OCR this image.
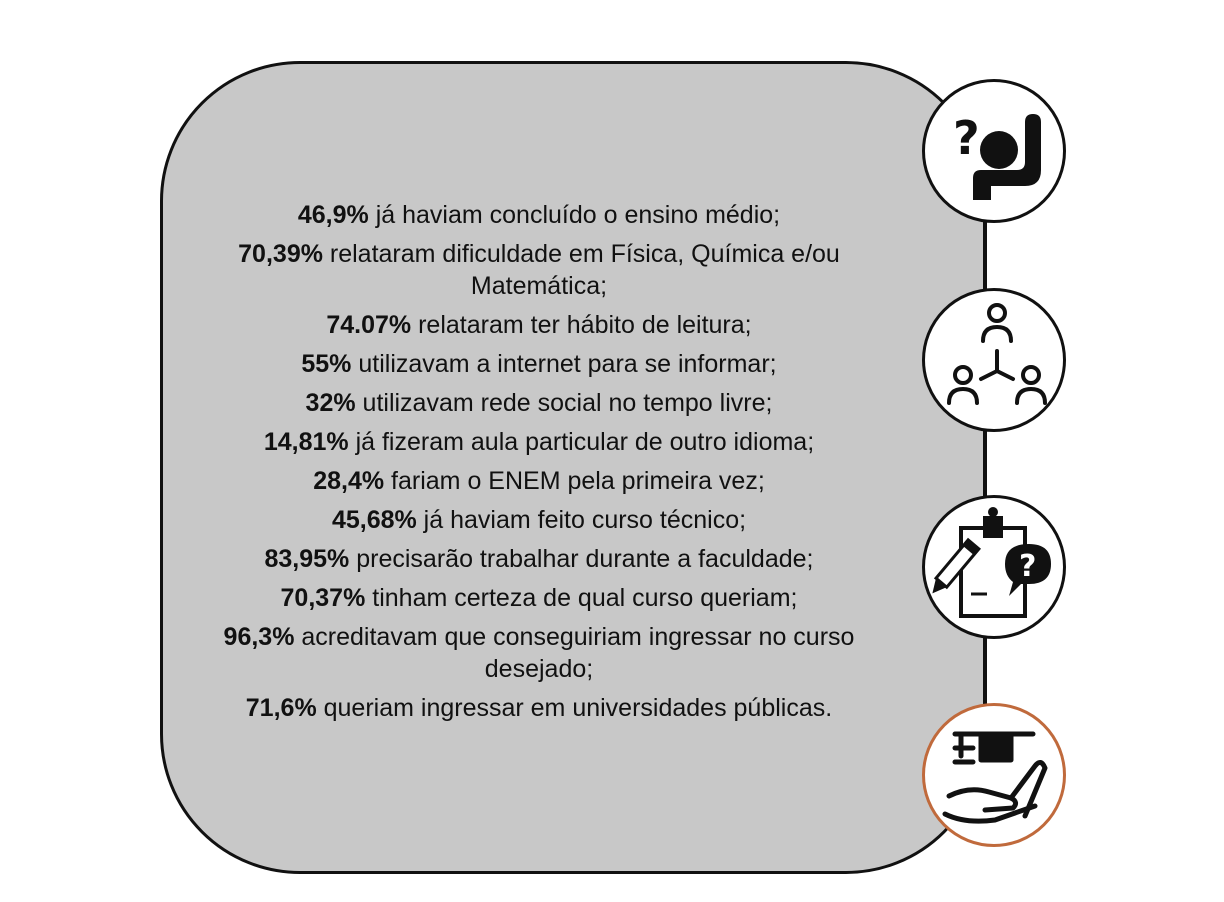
46,9% já haviam concluído o ensino médio;
70,39% relataram dificuldade em Física, Química e/ou Matemática;
74.07% relataram ter hábito de leitura;
55% utilizavam a internet para se informar;
32% utilizavam rede social no tempo livre;
14,81% já fizeram aula particular de outro idioma;
28,4% fariam o ENEM pela primeira vez;
45,68% já haviam feito curso técnico;
83,95% precisarão trabalhar durante a faculdade;
70,37% tinham certeza de qual curso queriam;
96,3% acreditavam que conseguiriam ingressar no curso desejado;
71,6% queriam ingressar em universidades públicas.
?
?
